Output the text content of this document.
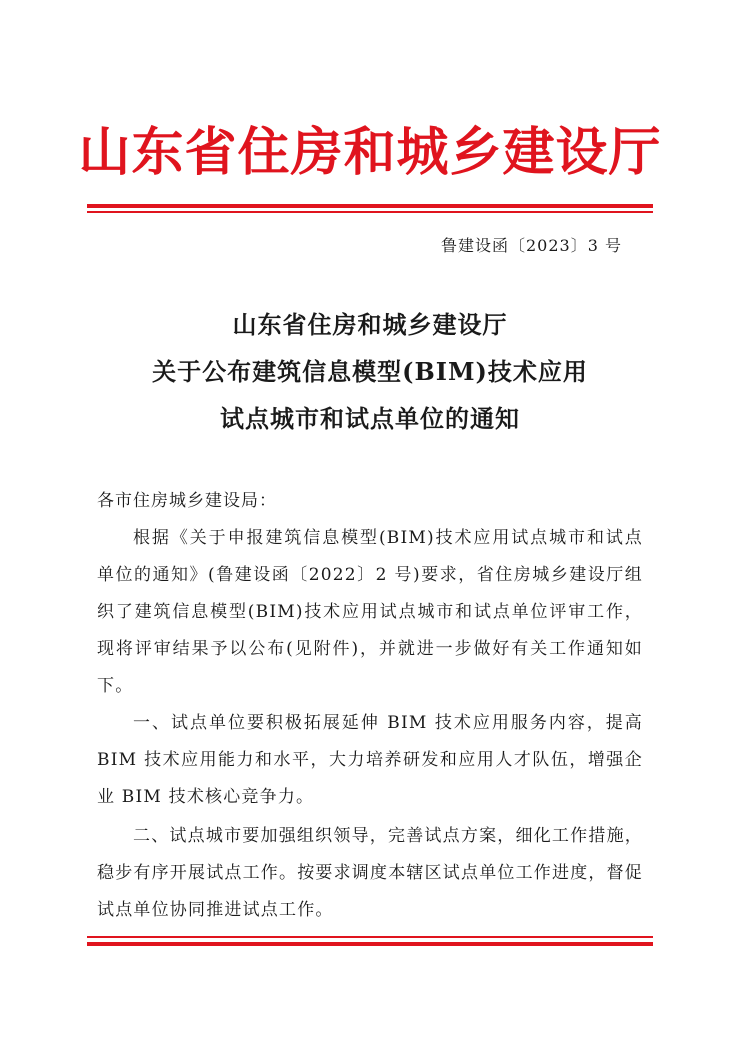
山东省住房和城乡建设厅
鲁建设函〔2023〕3 号
山东省住房和城乡建设厅
关于公布建筑信息模型(BIM)技术应用
试点城市和试点单位的通知
各市住房城乡建设局：

根据《关于申报建筑信息模型(BIM)技术应用试点城市和试点单位的通知》(鲁建设函〔2022〕2 号)要求，省住房城乡建设厅组织了建筑信息模型(BIM)技术应用试点城市和试点单位评审工作，现将评审结果予以公布(见附件)，并就进一步做好有关工作通知如下。

一、试点单位要积极拓展延伸 BIM 技术应用服务内容，提高 BIM 技术应用能力和水平，大力培养研发和应用人才队伍，增强企业 BIM 技术核心竞争力。

二、试点城市要加强组织领导，完善试点方案，细化工作措施，稳步有序开展试点工作。按要求调度本辖区试点单位工作进度，督促试点单位协同推进试点工作。
